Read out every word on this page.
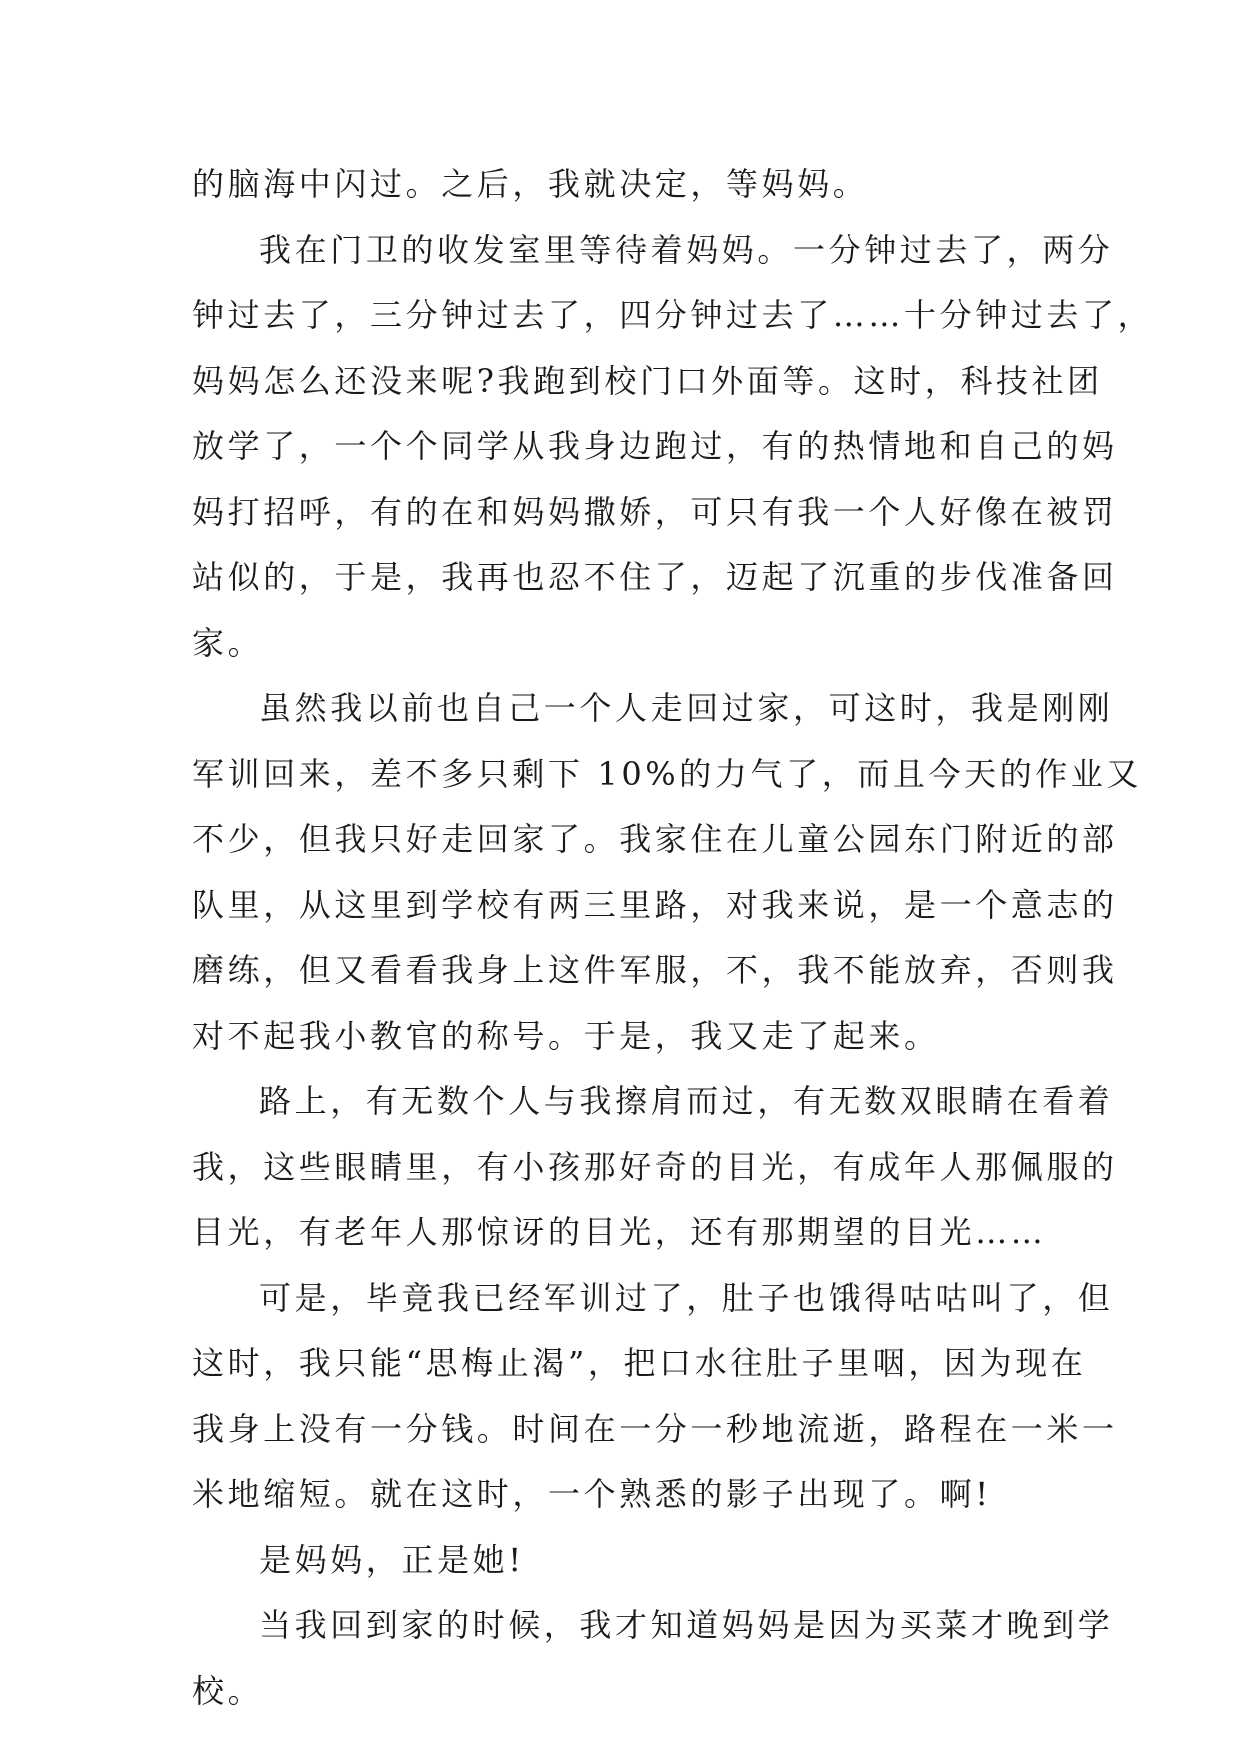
的脑海中闪过。之后，我就决定，等妈妈。
我在门卫的收发室里等待着妈妈。一分钟过去了，两分
钟过去了，三分钟过去了，四分钟过去了……十分钟过去了，
妈妈怎么还没来呢?我跑到校门口外面等。这时，科技社团
放学了，一个个同学从我身边跑过，有的热情地和自己的妈
妈打招呼，有的在和妈妈撒娇，可只有我一个人好像在被罚
站似的，于是，我再也忍不住了，迈起了沉重的步伐准备回
家。
虽然我以前也自己一个人走回过家，可这时，我是刚刚
军训回来，差不多只剩下 10%的力气了，而且今天的作业又
不少，但我只好走回家了。我家住在儿童公园东门附近的部
队里，从这里到学校有两三里路，对我来说，是一个意志的
磨练，但又看看我身上这件军服，不，我不能放弃，否则我
对不起我小教官的称号。于是，我又走了起来。
路上，有无数个人与我擦肩而过，有无数双眼睛在看着
我，这些眼睛里，有小孩那好奇的目光，有成年人那佩服的
目光，有老年人那惊讶的目光，还有那期望的目光……
可是，毕竟我已经军训过了，肚子也饿得咕咕叫了，但
这时，我只能“思梅止渴”，把口水往肚子里咽，因为现在
我身上没有一分钱。时间在一分一秒地流逝，路程在一米一
米地缩短。就在这时，一个熟悉的影子出现了。啊!
是妈妈，正是她!
当我回到家的时候，我才知道妈妈是因为买菜才晚到学
校。
